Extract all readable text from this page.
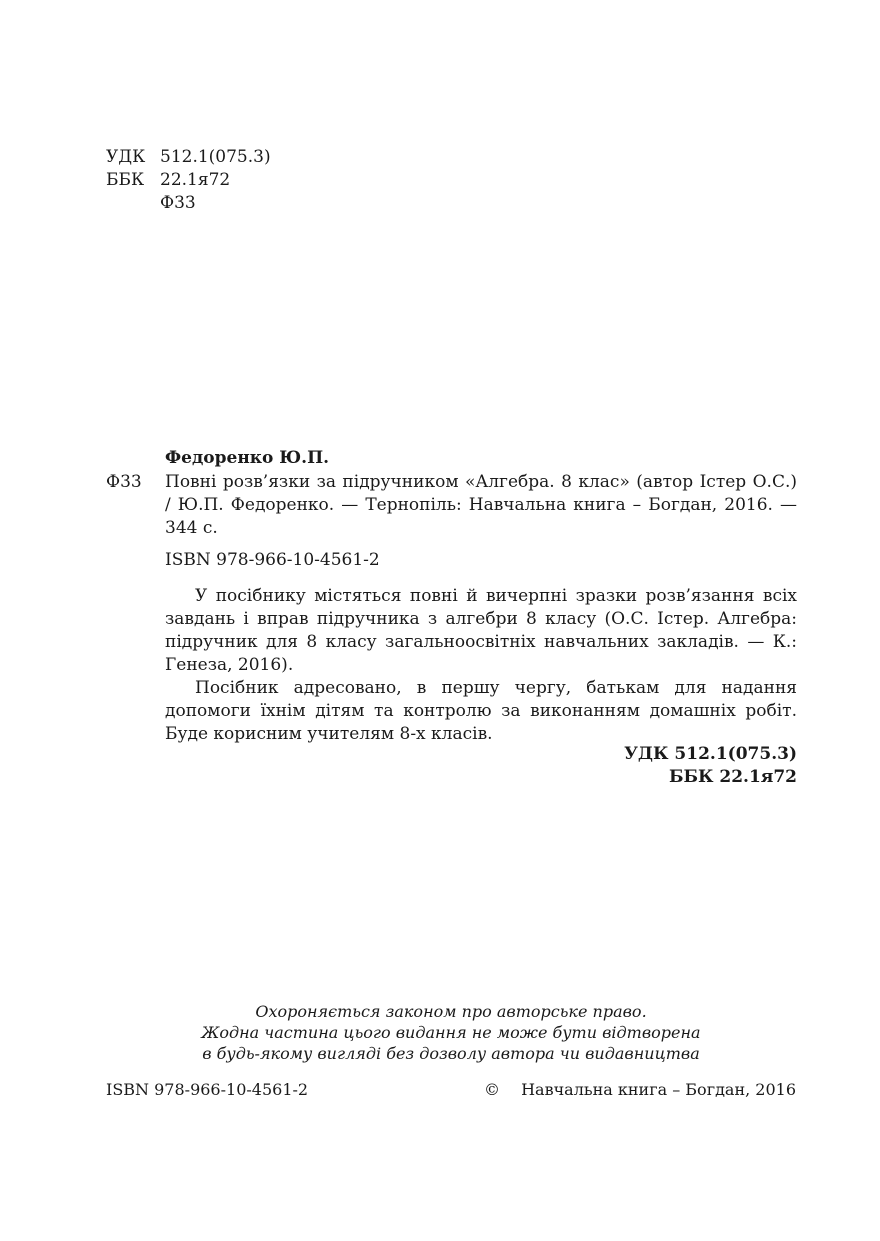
УДК 512.1(075.3)
ББК 22.1я72
Ф33
Федоренко Ю.П.
Ф33 Повні розв’язки за підручником «Алгебра. 8 клас» (автор Істер О.С.) / Ю.П. Федоренко. — Тернопіль: Навчальна книга – Богдан, 2016. — 344 с.
ISBN 978-966-10-4561-2

У посібнику містяться повні й вичерпні зразки розв’язання всіх завдань і вправ підручника з алгебри 8 класу (О.С. Істер. Алгебра: підручник для 8 класу загальноосвітніх навчальних закладів. — К.: Генеза, 2016).

Посібник адресовано, в першу чергу, батькам для надання допомоги їхнім дітям та контролю за виконанням домашніх робіт. Буде корисним учителям 8-х класів.

УДК 512.1(075.3)
ББК 22.1я72
Охороняється законом про авторське право.
Жодна частина цього видання не може бути відтворена
в будь-якому вигляді без дозволу автора чи видавництва
ISBN 978-966-10-4561-2	© Навчальна книга – Богдан, 2016
